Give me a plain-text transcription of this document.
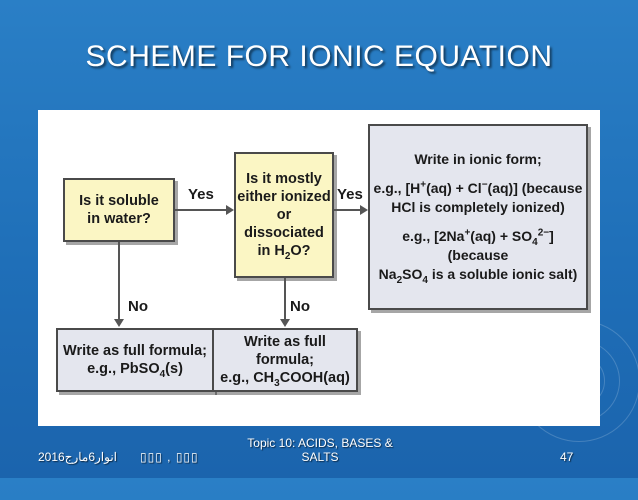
SCHEME FOR IONIC EQUATION
Is it soluble
in water?
Is it mostly
either ionized
or dissociated
in $H_2O$?
Write in ionic form;
e.g., [H+(aq) + Cl−(aq)] (because
HCl is completely ionized)
e.g., $[2Na^+(aq) + SO_4^{2-}]$ (because
$Na_2SO_4$ is a soluble ionic salt)
Write as full formula;
e.g., PbSO$_4$(s)
Write as full formula;
e.g., $CH_3COOH(aq)$
Yes	Yes
No	No
انوار6مارج2016 ▯▯▯ , ▯▯▯
Topic 10: ACIDS, BASES &
SALTS	47
